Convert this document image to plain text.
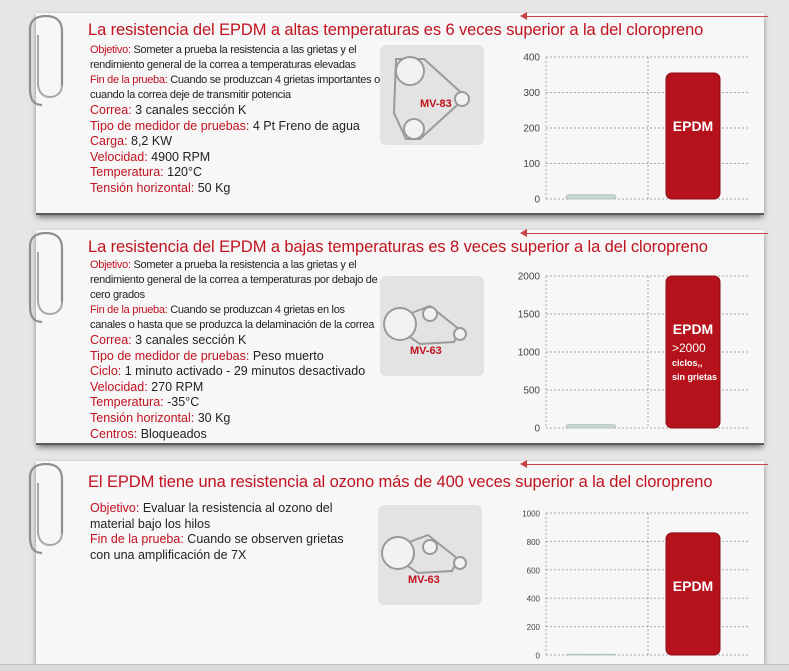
La resistencia del EPDM a altas temperaturas es 6 veces superior a la del cloropreno

Objetivo: Someter a prueba la resistencia a las grietas y el rendimiento general de la correa a temperaturas elevadas

Fin de la prueba: Cuando se produzcan 4 grietas importantes o cuando la correa deje de transmitir potencia

Correa: 3 canales sección K

Tipo de medidor de pruebas: 4 Pt Freno de agua

Carga: 8,2 KW

Velocidad: 4900 RPM

Temperatura: 120°C

Tensión horizontal: 50 Kg

MV-83
0
100
200
300
400
CR
EPDM
La resistencia del EPDM a bajas temperaturas es 8 veces superior a la del cloropreno

Objetivo: Someter a prueba la resistencia a las grietas y el rendimiento general de la correa a temperaturas por debajo de cero grados

Fin de la prueba: Cuando se produzcan 4 grietas en los canales o hasta que se produzca la delaminación de la correa

Correa: 3 canales sección K

Tipo de medidor de pruebas: Peso muerto

Ciclo: 1 minuto activado - 29 minutos desactivado

Velocidad: 270 RPM

Temperatura: -35°C

Tensión horizontal: 30 Kg

Centros: Bloqueados

MV-63
0
500
1000
1500
2000
CR
EPDM
>2000
ciclos,,
sin grietas
El EPDM tiene una resistencia al ozono más de 400 veces superior a la del cloropreno

Objetivo: Evaluar la resistencia al ozono del material bajo los hilos

Fin de la prueba: Cuando se observen grietas con una amplificación de 7X

MV-63
0
200
400
600
800
1000
CR
EPDM
